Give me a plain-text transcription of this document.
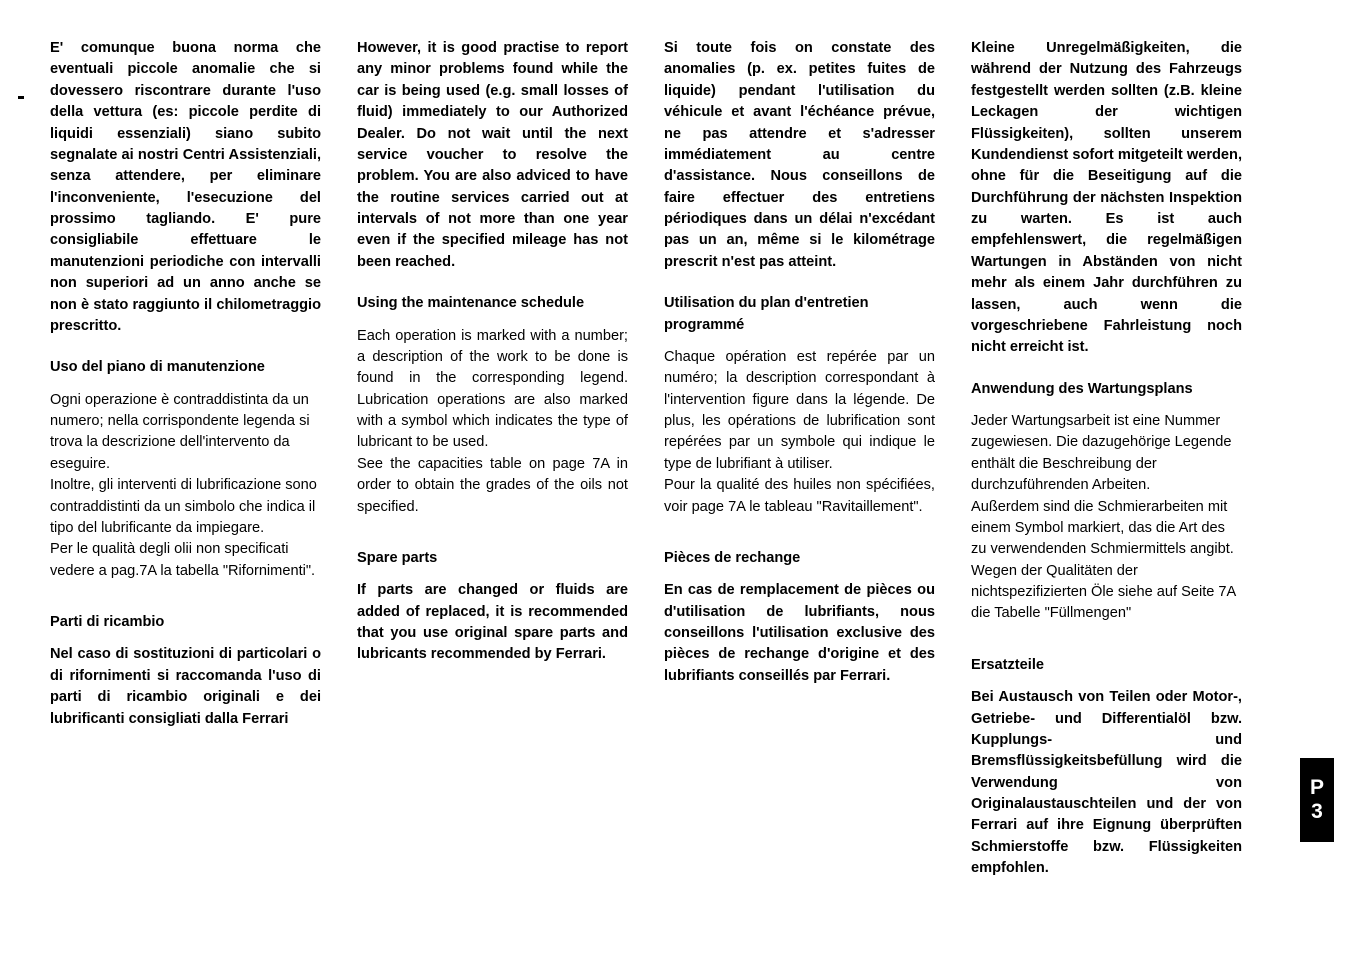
E' comunque buona norma che eventuali piccole anomalie che si dovessero riscontrare durante l'uso della vettura (es: piccole perdite di liquidi essenziali) siano subito segnalate ai nostri Centri Assistenziali, senza attendere, per eliminare l'inconveniente, l'esecuzione del prossimo tagliando. E' pure consigliabile effettuare le manutenzioni periodiche con intervalli non superiori ad un anno anche se non è stato raggiunto il chilometraggio prescritto.

Uso del piano di manutenzione

Ogni operazione è contraddistinta da un numero; nella corrispondente legenda si trova la descrizione dell'intervento da eseguire.

Inoltre, gli interventi di lubrificazione sono contraddistinti da un simbolo che indica il tipo del lubrificante da impiegare.

Per le qualità degli olii non specificati vedere a pag.7A la tabella "Rifornimenti".

Parti di ricambio

Nel caso di sostituzioni di particolari o di rifornimenti si raccomanda l'uso di parti di ricambio originali e dei lubrificanti consigliati dalla Ferrari

However, it is good practise to report any minor problems found while the car is being used (e.g. small losses of fluid) immediately to our Authorized Dealer. Do not wait until the next service voucher to resolve the problem. You are also adviced to have the routine services carried out at intervals of not more than one year even if the specified mileage has not been reached.

Using the maintenance schedule

Each operation is marked with a number; a description of the work to be done is found in the corresponding legend. Lubrication operations are also marked with a symbol which indicates the type of lubricant to be used.

See the capacities table on page 7A in order to obtain the grades of the oils not specified.

Spare parts

If parts are changed or fluids are added of replaced, it is recommended that you use original spare parts and lubricants recommended by Ferrari.

Si toute fois on constate des anomalies (p. ex. petites fuites de liquide) pendant l'utilisation du véhicule et avant l'échéance prévue, ne pas attendre et s'adresser immédiatement au centre d'assistance. Nous conseillons de faire effectuer des entretiens périodiques dans un délai n'excédant pas un an, même si le kilométrage prescrit n'est pas atteint.

Utilisation du plan d'entretien programmé

Chaque opération est repérée par un numéro; la description correspondant à l'intervention figure dans la légende. De plus, les opérations de lubrification sont repérées par un symbole qui indique le type de lubrifiant à utiliser.

Pour la qualité des huiles non spécifiées, voir page 7A le tableau "Ravitaillement".

Pièces de rechange

En cas de remplacement de pièces ou d'utilisation de lubrifiants, nous conseillons l'utilisation exclusive des pièces de rechange d'origine et des lubrifiants conseillés par Ferrari.

Kleine Unregelmäßigkeiten, die während der Nutzung des Fahrzeugs festgestellt werden sollten (z.B. kleine Leckagen der wichtigen Flüssigkeiten), sollten unserem Kundendienst sofort mitgeteilt werden, ohne für die Beseitigung auf die Durchführung der nächsten Inspektion zu warten. Es ist auch empfehlenswert, die regelmäßigen Wartungen in Abständen von nicht mehr als einem Jahr durchführen zu lassen, auch wenn die vorgeschriebene Fahrleistung noch nicht erreicht ist.

Anwendung des Wartungsplans

Jeder Wartungsarbeit ist eine Nummer zugewiesen. Die dazugehörige Legende enthält die Beschreibung der durchzuführenden Arbeiten.

Außerdem sind die Schmierarbeiten mit einem Symbol markiert, das die Art des zu verwendenden Schmiermittels angibt.

Wegen der Qualitäten der nichtspezifizierten Öle siehe auf Seite 7A die Tabelle "Füllmengen"

Ersatzteile

Bei Austausch von Teilen oder Motor-, Getriebe- und Differentialöl bzw. Kupplungs- und Bremsflüssigkeitsbefüllung wird die Verwendung von Originalaustauschteilen und der von Ferrari auf ihre Eignung überprüften Schmierstoffe bzw. Flüssigkeiten empfohlen.

P
3
